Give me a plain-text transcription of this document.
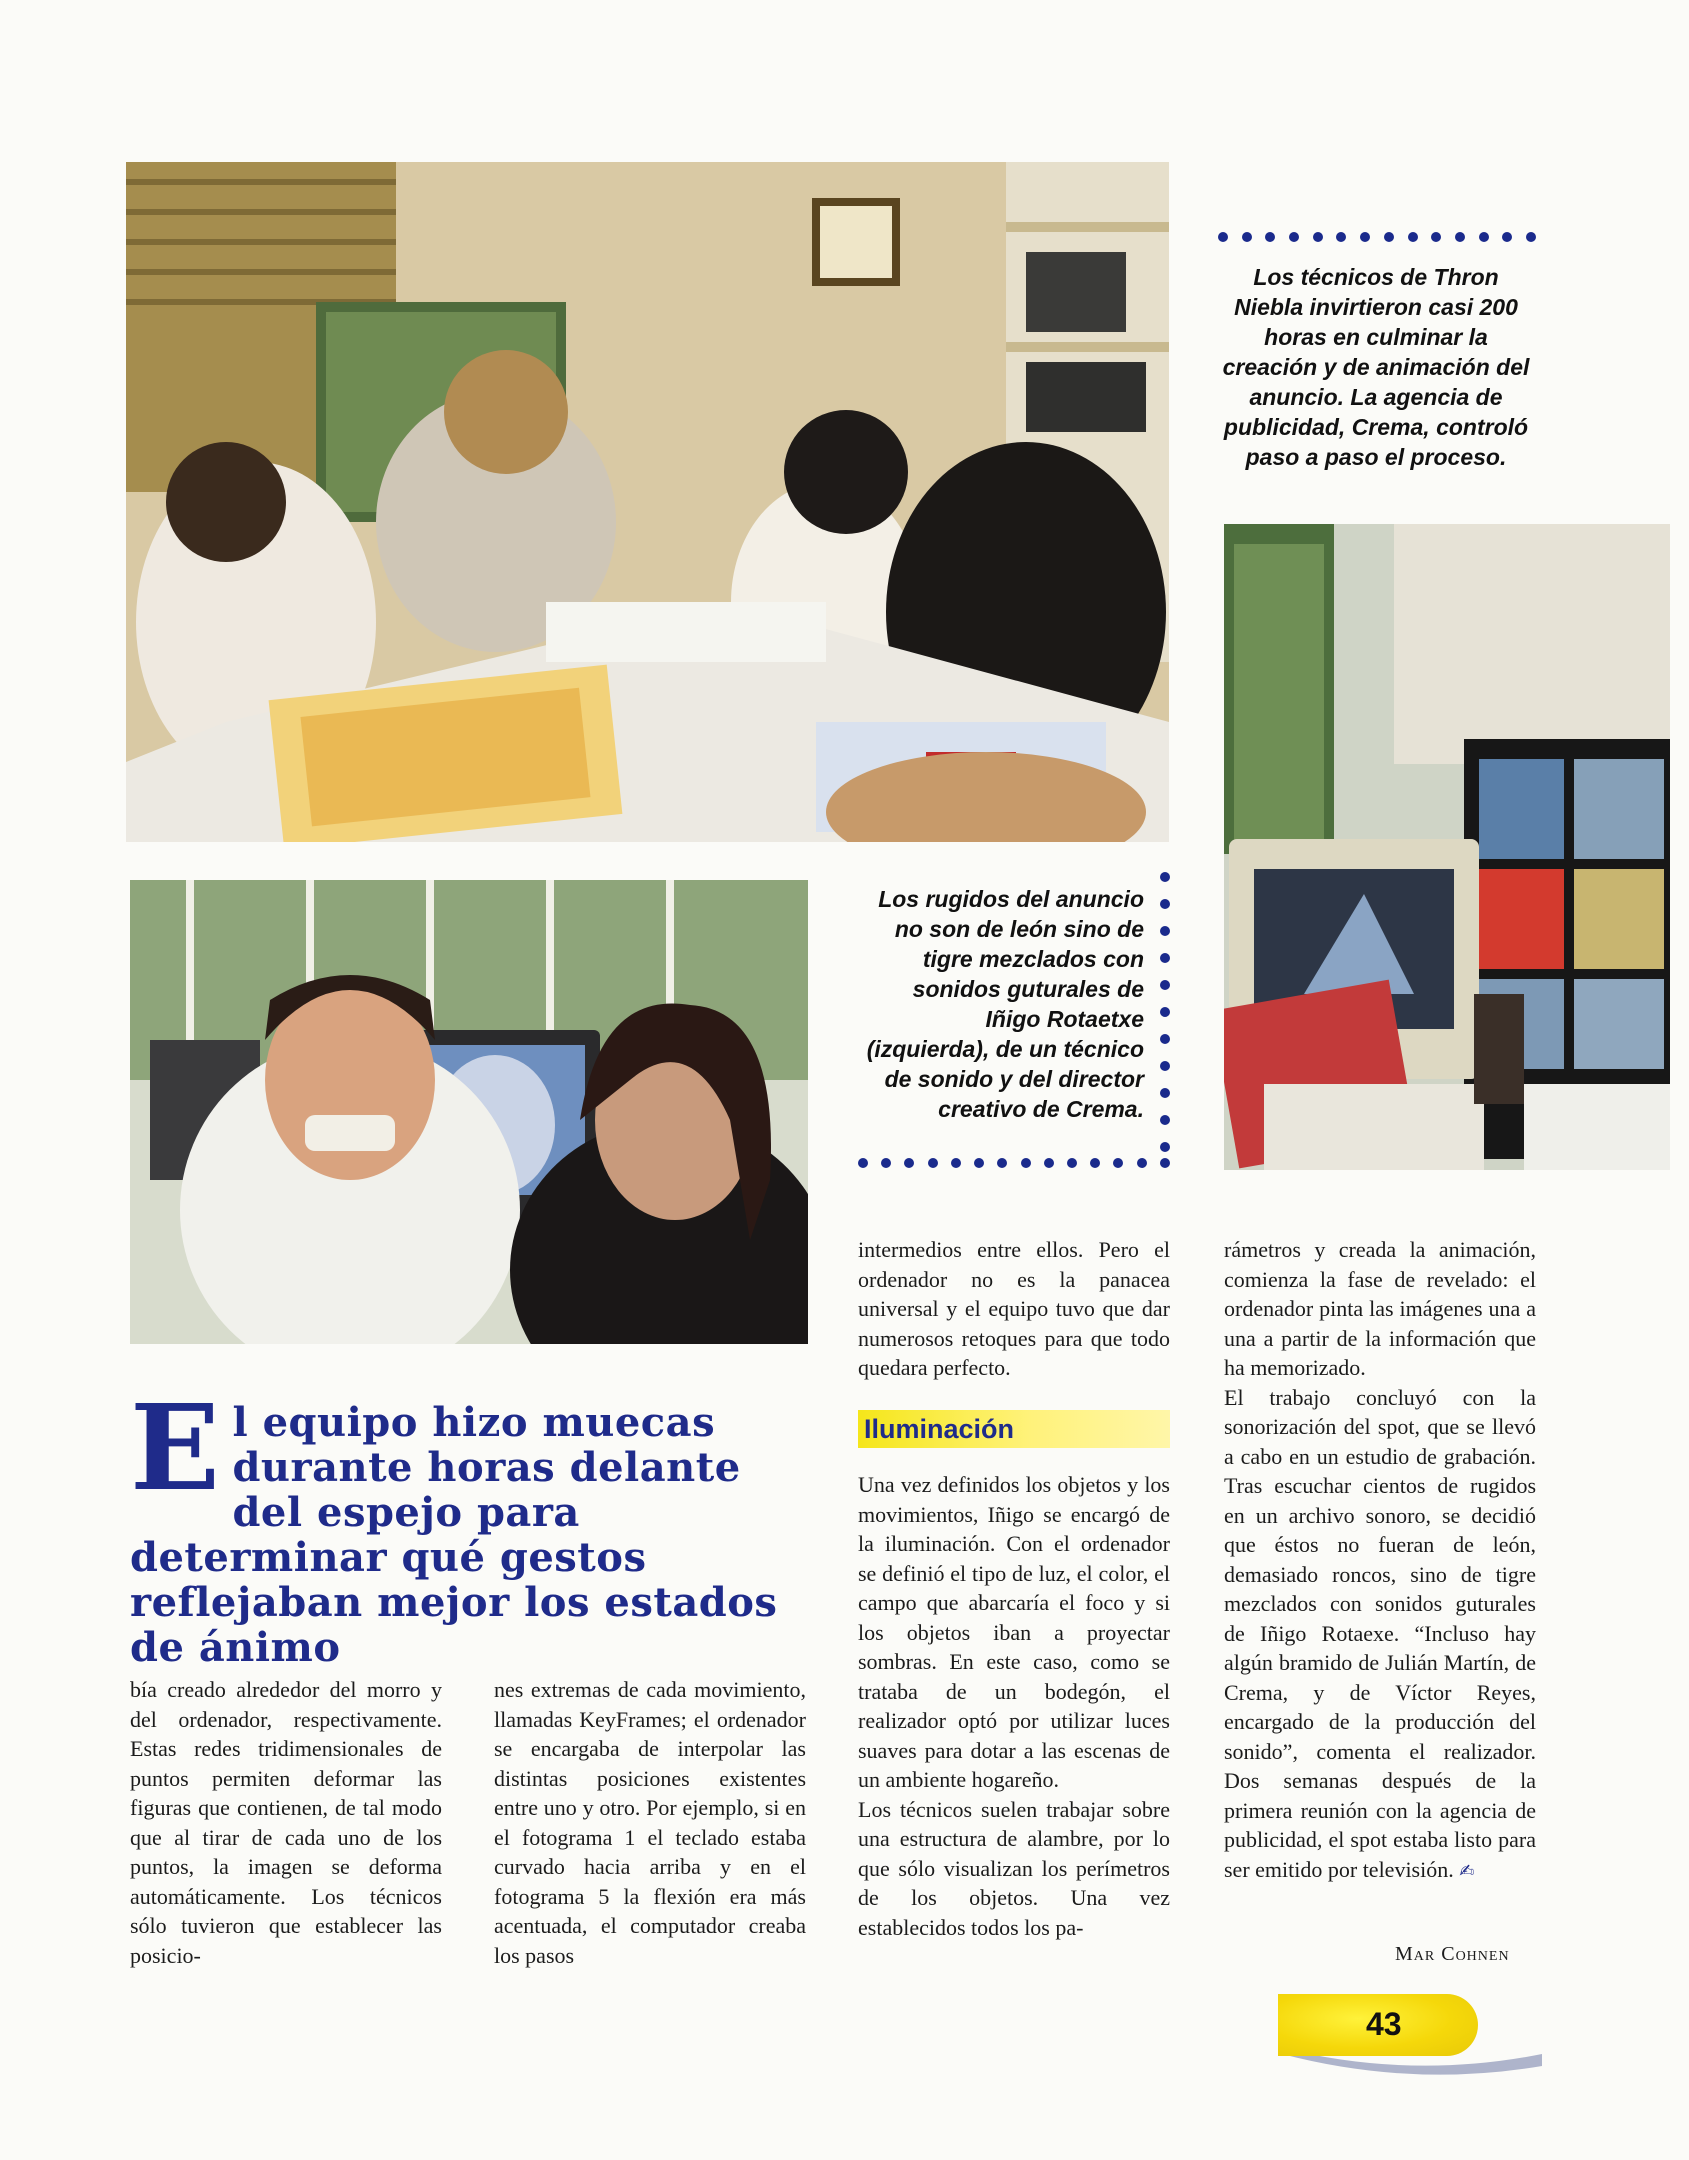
Los técnicos de Thron Niebla invirtieron casi 200 horas en culminar la creación y de animación del anuncio. La agencia de publicidad, Crema, controló paso a paso el proceso.
Los rugidos del anuncio no son de león sino de tigre mezclados con sonidos guturales de Iñigo Rotaetxe (izquierda), de un técnico de sonido y del director creativo de Crema.
El equipo hizo muecas durante horas delante del espejo para determinar qué gestos reflejaban mejor los estados de ánimo

bía creado alrededor del morro y del ordenador, respectivamente. Estas redes tridimensionales de puntos permiten deformar las figuras que contienen, de tal modo que al tirar de cada uno de los puntos, la imagen se deforma automáticamente. Los técnicos sólo tuvieron que establecer las posicio-

nes extremas de cada movimiento, llamadas KeyFrames; el ordenador se encargaba de interpolar las distintas posiciones existentes entre uno y otro. Por ejemplo, si en el fotograma 1 el teclado estaba curvado hacia arriba y en el fotograma 5 la flexión era más acentuada, el computador creaba los pasos

intermedios entre ellos. Pero el ordenador no es la panacea universal y el equipo tuvo que dar numerosos retoques para que todo quedara perfecto.

Iluminación

Una vez definidos los objetos y los movimientos, Iñigo se encargó de la iluminación. Con el ordenador se definió el tipo de luz, el color, el campo que abarcaría el foco y si los objetos iban a proyectar sombras. En este caso, como se trataba de un bodegón, el realizador optó por utilizar luces suaves para dotar a las escenas de un ambiente hogareño.

Los técnicos suelen trabajar sobre una estructura de alambre, por lo que sólo visualizan los perímetros de los objetos. Una vez establecidos todos los pa-

rámetros y creada la animación, comienza la fase de revelado: el ordenador pinta las imágenes una a una a partir de la información que ha memorizado.

El trabajo concluyó con la sonorización del spot, que se llevó a cabo en un estudio de grabación. Tras escuchar cientos de rugidos en un archivo sonoro, se decidió que éstos no fueran de león, demasiado roncos, sino de tigre mezclados con sonidos guturales de Iñigo Rotaexe. “Incluso hay algún bramido de Julián Martín, de Crema, y de Víctor Reyes, encargado de la producción del sonido”, comenta el realizador. Dos semanas después de la primera reunión con la agencia de publicidad, el spot estaba listo para ser emitido por televisión. ✍

Mar Cohnen
43
